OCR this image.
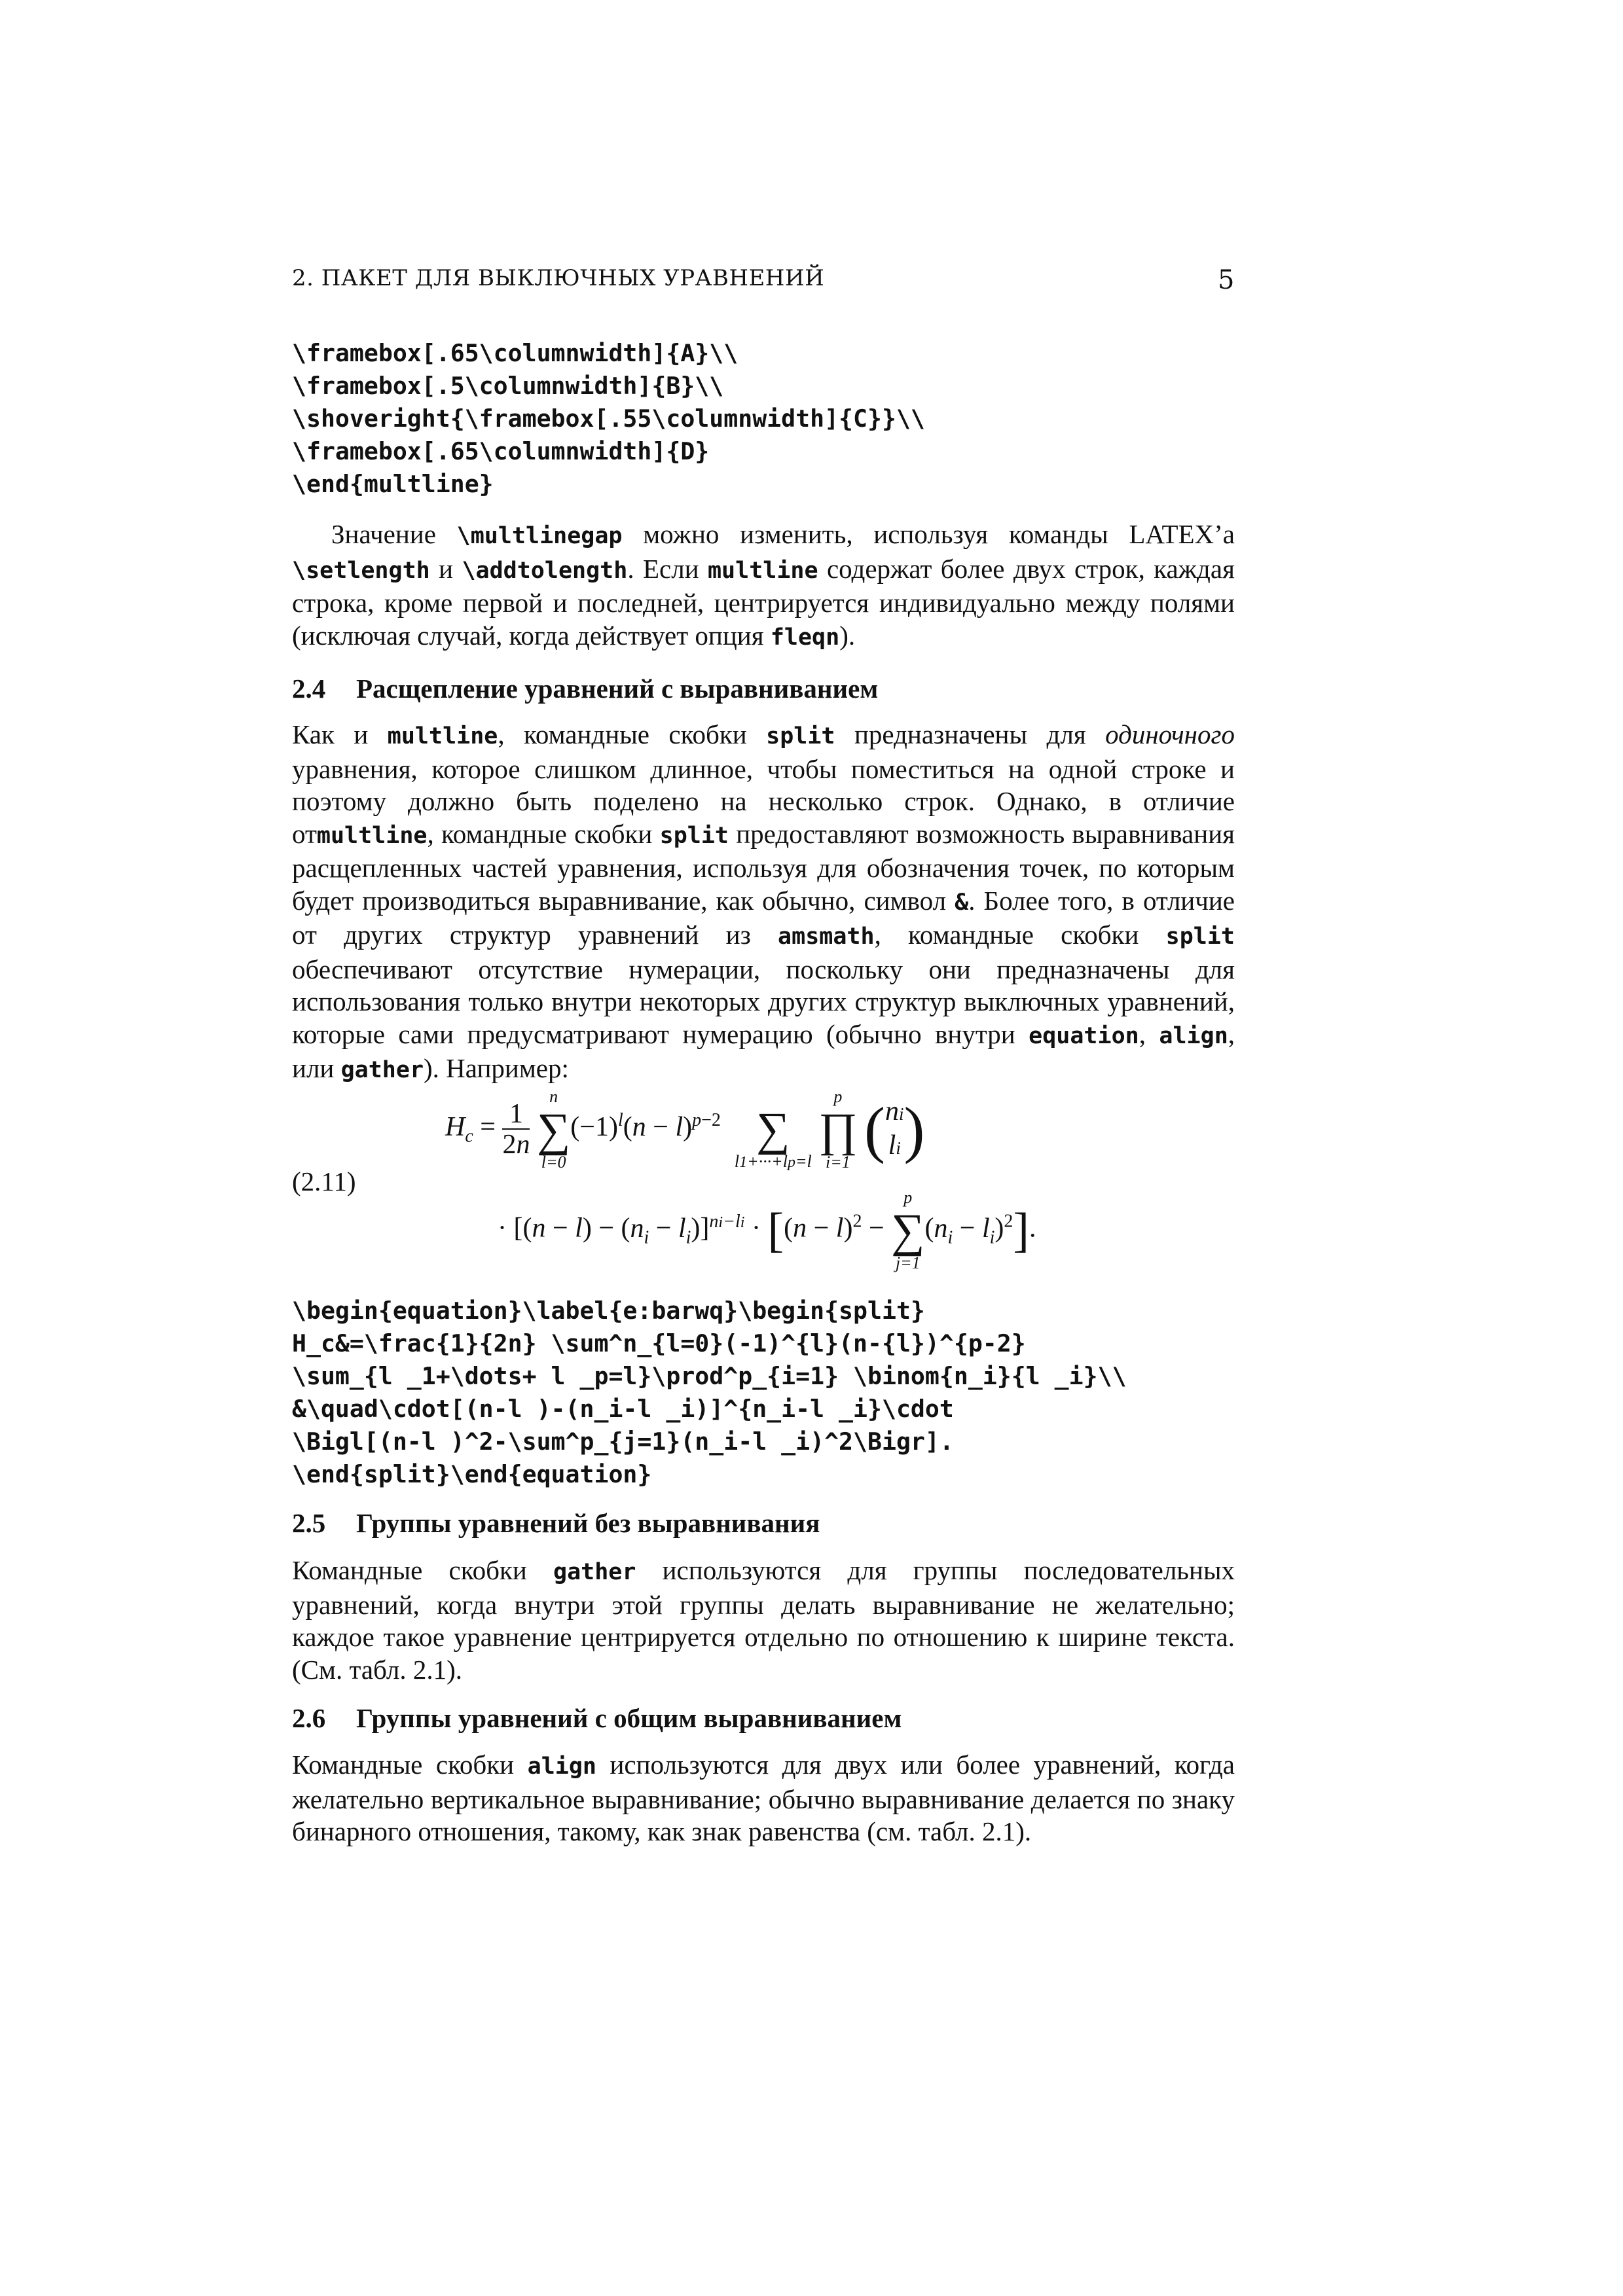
2. ПАКЕТ ДЛЯ ВЫКЛЮЧНЫХ УРАВНЕНИЙ	5
\framebox[.65\columnwidth]{A}\\
\framebox[.5\columnwidth]{B}\\
\shoveright{\framebox[.55\columnwidth]{C}}\\
\framebox[.65\columnwidth]{D}
\end{multline}

Значение \multlinegap можно изменить, используя команды LATEX’а \setlength и \addtolength. Если multline содержат более двух строк, каждая строка, кроме первой и последней, центрируется индивидуально между полями (исключая случай, когда действует опция fleqn).

2.4 Расщепление уравнений с выравниванием

Как и multline, командные скобки split предназначены для одиночного уравнения, которое слишком длинное, чтобы поместиться на одной строке и поэтому должно быть поделено на несколько строк. Однако, в отличие отmultline, командные скобки split предоставляют возможность выравнивания расщепленных частей уравнения, используя для обозначения точек, по которым будет производиться выравнивание, как обычно, символ &. Более того, в отличие от других структур уравнений из amsmath, командные скобки split обеспечивают отсутствие нумерации, поскольку они предназначены для использования только внутри некоторых других структур выключных уравнений, которые сами предусматривают нумерацию (обычно внутри equation, align, или gather). Например:

(2.11)
$H_c = \frac{1}{2n}$

n
∑
l=0
$(-1)^l(n - l)^{p-2}$
∑
l1+···+lp=l

p
∏
i=1 (ni
li)
· $[(n - l) - (n_i - l_i)]^{ni-li} \cdot [(n - l)^2$ −
p
∑
j=1
$(n_i - l_i)^2$].
\begin{equation}\label{e:barwq}\begin{split}
H_c&=\frac{1}{2n} \sum^n_{l=0}(-1)^{l}(n-{l})^{p-2}
\sum_{l _1+\dots+ l _p=l}\prod^p_{i=1} \binom{n_i}{l _i}\\
&\quad\cdot[(n-l )-(n_i-l _i)]^{n_i-l _i}\cdot
\Bigl[(n-l )^2-\sum^p_{j=1}(n_i-l _i)^2\Bigr].
\end{split}\end{equation}
2.5 Группы уравнений без выравнивания

Командные скобки gather используются для группы последовательных уравнений, когда внутри этой группы делать выравнивание не желательно; каждое такое уравнение центрируется отдельно по отношению к ширине текста. (См. табл. 2.1).

2.6 Группы уравнений с общим выравниванием

Командные скобки align используются для двух или более уравнений, когда желательно вертикальное выравнивание; обычно выравнивание делается по знаку бинарного отношения, такому, как знак равенства (см. табл. 2.1).
